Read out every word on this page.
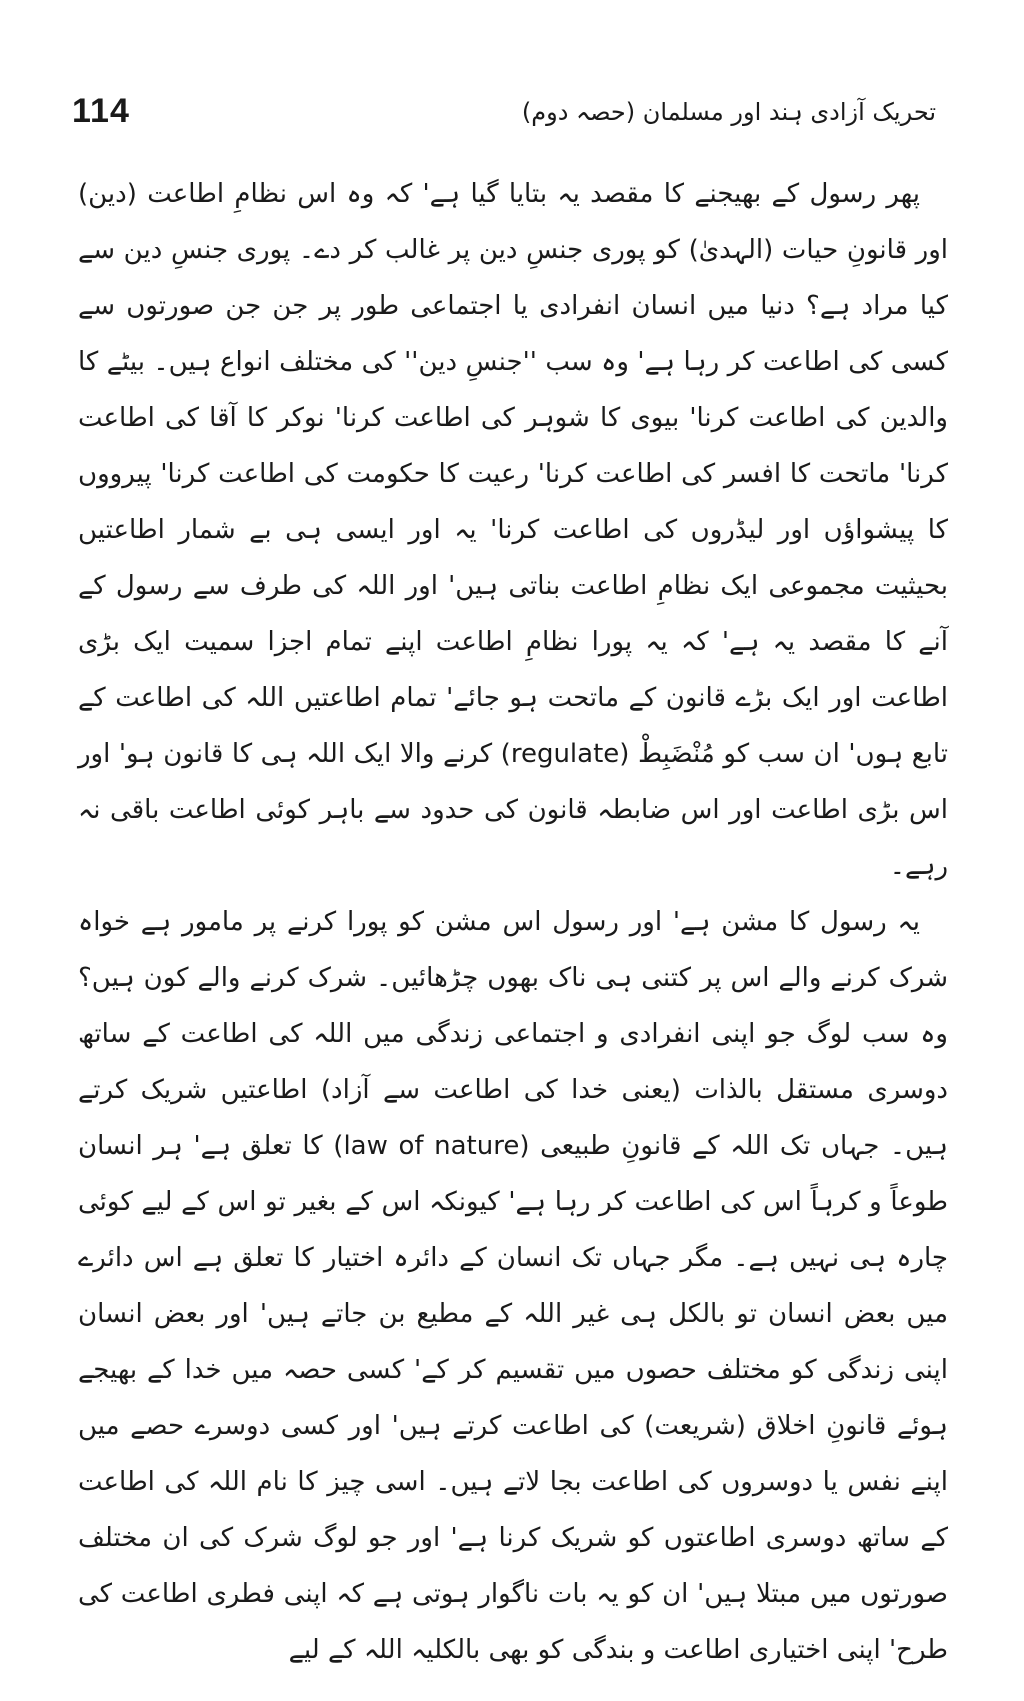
114	تحریک آزادی ہند اور مسلمان (حصہ دوم)

پھر رسول کے بھیجنے کا مقصد یہ بتایا گیا ہے' کہ وہ اس نظامِ اطاعت (دین) اور قانونِ حیات (الہدیٰ) کو پوری جنسِ دین پر غالب کر دے۔ پوری جنسِ دین سے کیا مراد ہے؟ دنیا میں انسان انفرادی یا اجتماعی طور پر جن جن صورتوں سے کسی کی اطاعت کر رہا ہے' وہ سب ''جنسِ دین'' کی مختلف انواع ہیں۔ بیٹے کا والدین کی اطاعت کرنا' بیوی کا شوہر کی اطاعت کرنا' نوکر کا آقا کی اطاعت کرنا' ماتحت کا افسر کی اطاعت کرنا' رعیت کا حکومت کی اطاعت کرنا' پیرووں کا پیشواؤں اور لیڈروں کی اطاعت کرنا' یہ اور ایسی ہی بے شمار اطاعتیں بحیثیت مجموعی ایک نظامِ اطاعت بناتی ہیں' اور اللہ کی طرف سے رسول کے آنے کا مقصد یہ ہے' کہ یہ پورا نظامِ اطاعت اپنے تمام اجزا سمیت ایک بڑی اطاعت اور ایک بڑے قانون کے ماتحت ہو جائے' تمام اطاعتیں اللہ کی اطاعت کے تابع ہوں' ان سب کو مُنْضَبِطْ (regulate) کرنے والا ایک اللہ ہی کا قانون ہو' اور اس بڑی اطاعت اور اس ضابطہ قانون کی حدود سے باہر کوئی اطاعت باقی نہ رہے۔

یہ رسول کا مشن ہے' اور رسول اس مشن کو پورا کرنے پر مامور ہے خواہ شرک کرنے والے اس پر کتنی ہی ناک بھوں چڑھائیں۔ شرک کرنے والے کون ہیں؟ وہ سب لوگ جو اپنی انفرادی و اجتماعی زندگی میں اللہ کی اطاعت کے ساتھ دوسری مستقل بالذات (یعنی خدا کی اطاعت سے آزاد) اطاعتیں شریک کرتے ہیں۔ جہاں تک اللہ کے قانونِ طبیعی (law of nature) کا تعلق ہے' ہر انسان طوعاً و کرہاً اس کی اطاعت کر رہا ہے' کیونکہ اس کے بغیر تو اس کے لیے کوئی چارہ ہی نہیں ہے۔ مگر جہاں تک انسان کے دائرہ اختیار کا تعلق ہے اس دائرے میں بعض انسان تو بالکل ہی غیر اللہ کے مطیع بن جاتے ہیں' اور بعض انسان اپنی زندگی کو مختلف حصوں میں تقسیم کر کے' کسی حصہ میں خدا کے بھیجے ہوئے قانونِ اخلاق (شریعت) کی اطاعت کرتے ہیں' اور کسی دوسرے حصے میں اپنے نفس یا دوسروں کی اطاعت بجا لاتے ہیں۔ اسی چیز کا نام اللہ کی اطاعت کے ساتھ دوسری اطاعتوں کو شریک کرنا ہے' اور جو لوگ شرک کی ان مختلف صورتوں میں مبتلا ہیں' ان کو یہ بات ناگوار ہوتی ہے کہ اپنی فطری اطاعت کی طرح' اپنی اختیاری اطاعت و بندگی کو بھی بالکلیہ اللہ کے لیے
